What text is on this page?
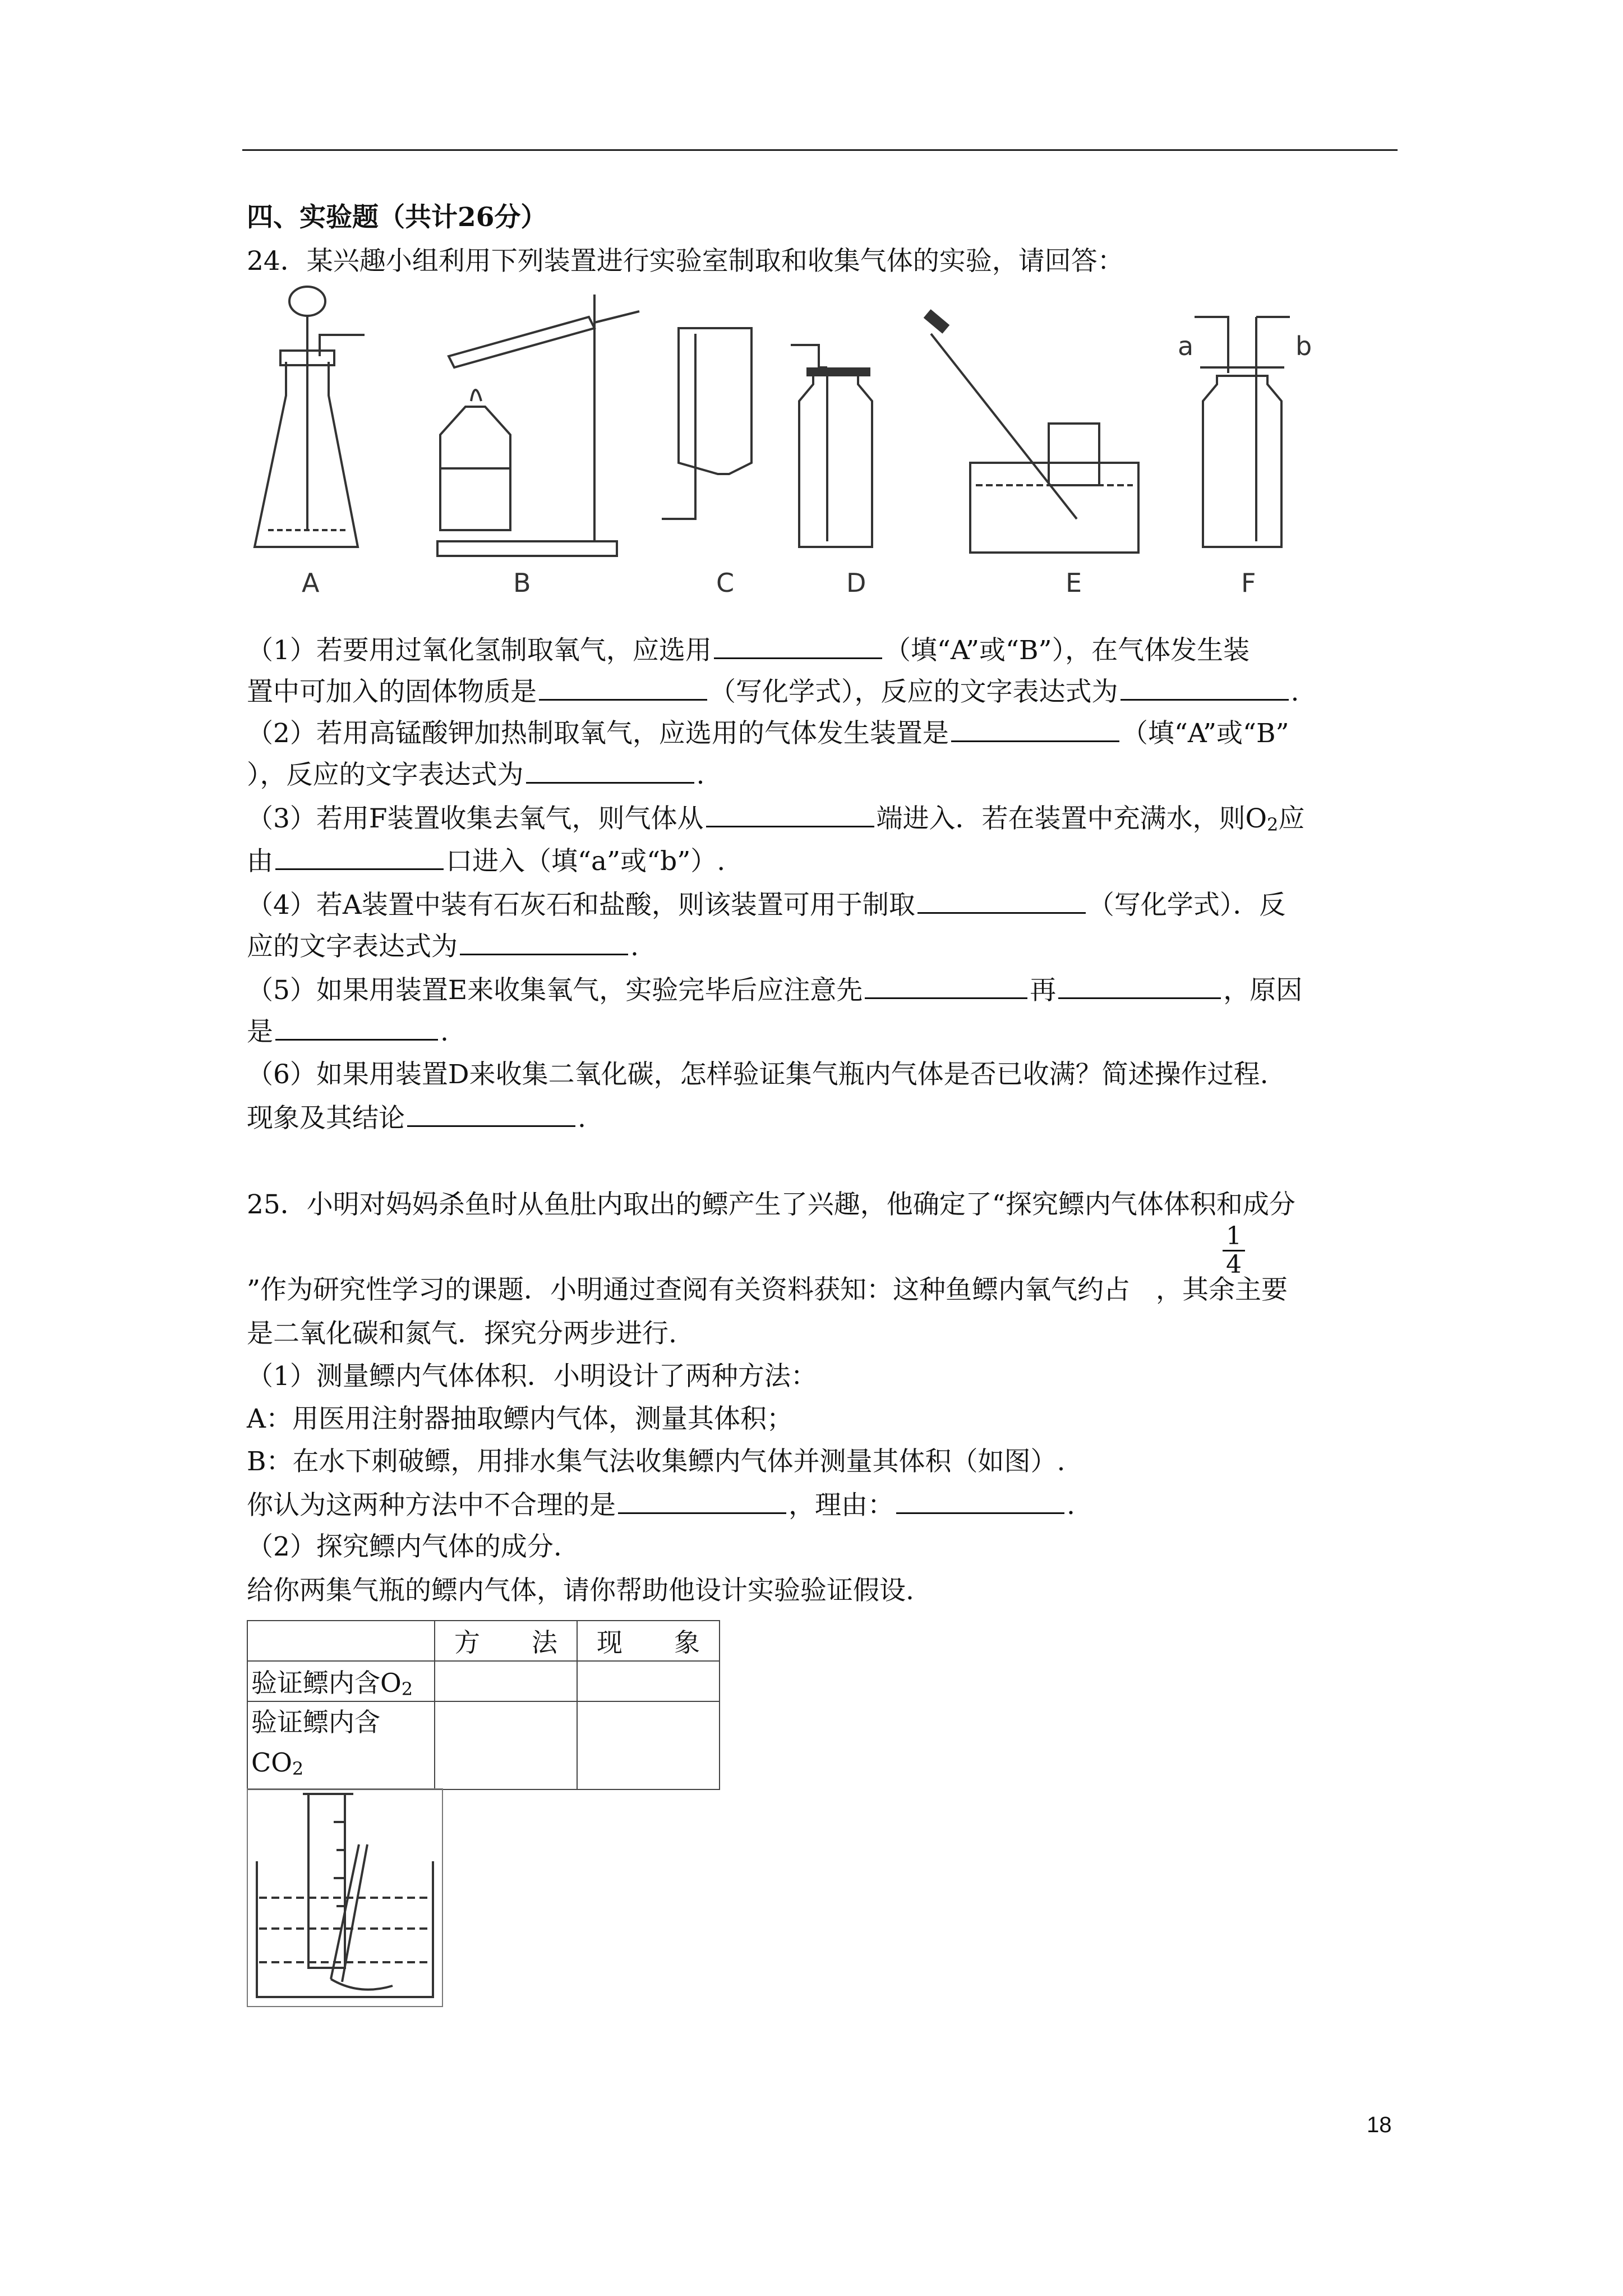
四、实验题（共计26分）
24．某兴趣小组利用下列装置进行实验室制取和收集气体的实验，请回答：
A	B	C	D	E	F
a	b
（1）若要用过氧化氢制取氧气，应选用	（填“A”或“B”），在气体发生装
置中可加入的固体物质是	（写化学式），反应的文字表达式为	.
（2）若用高锰酸钾加热制取氧气，应选用的气体发生装置是	（填“A”或“B”
），反应的文字表达式为	.
（3）若用F装置收集去氧气，则气体从	端进入．若在装置中充满水，则$O_2$应
由	口进入（填“a”或“b”）.
（4）若A装置中装有石灰石和盐酸，则该装置可用于制取	（写化学式）．反
应的文字表达式为	.
（5）如果用装置E来收集氧气，实验完毕后应注意先	再	，原因
是	.
（6）如果用装置D来收集二氧化碳，怎样验证集气瓶内气体是否已收满？简述操作过程.
现象及其结论	.
25．小明对妈妈杀鱼时从鱼肚内取出的鳔产生了兴趣，他确定了“探究鳔内气体体积和成分
$\frac{1}{4}$
”作为研究性学习的课题．小明通过查阅有关资料获知：这种鱼鳔内氧气约占 ，其余主要
是二氧化碳和氮气．探究分两步进行.
（1）测量鳔内气体体积．小明设计了两种方法：
A：用医用注射器抽取鳔内气体，测量其体积；
B：在水下刺破鳔，用排水集气法收集鳔内气体并测量其体积（如图）.
你认为这两种方法中不合理的是	，理由：	.
（2）探究鳔内气体的成分.
给你两集气瓶的鳔内气体，请你帮助他设计实验验证假设.
	方　　法	现　　象
验证鳔内含$O_2$		
验证鳔内含
$CO_2$		
18
